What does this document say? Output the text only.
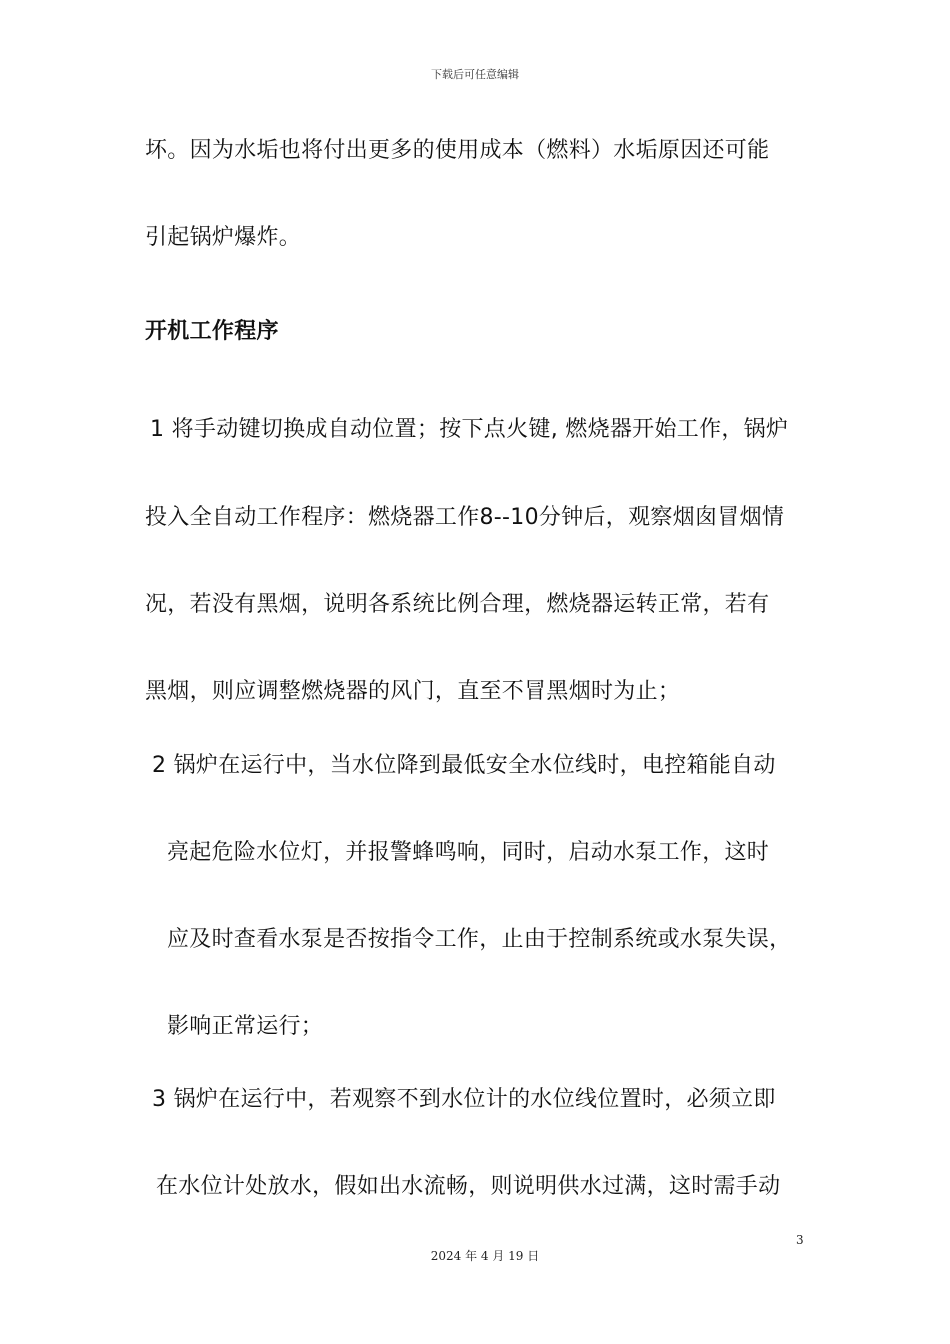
下载后可任意编辑
坏。因为水垢也将付出更多的使用成本（燃料）水垢原因还可能
引起锅炉爆炸。
开机工作程序
1 将手动键切换成自动位置；按下点火键, 燃烧器开始工作，锅炉
投入全自动工作程序：燃烧器工作8--10分钟后，观察烟囱冒烟情
况，若没有黑烟，说明各系统比例合理，燃烧器运转正常，若有
黑烟，则应调整燃烧器的风门，直至不冒黑烟时为止；
2 锅炉在运行中，当水位降到最低安全水位线时，电控箱能自动
亮起危险水位灯，并报警蜂鸣响，同时，启动水泵工作，这时
应及时查看水泵是否按指令工作，止由于控制系统或水泵失误，
影响正常运行；
3 锅炉在运行中，若观察不到水位计的水位线位置时，必须立即
在水位计处放水，假如出水流畅，则说明供水过满，这时需手动
3
2024 年 4 月 19 日
